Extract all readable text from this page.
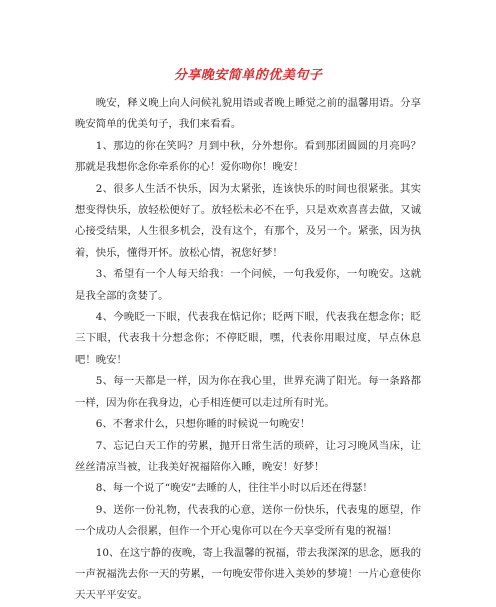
分享晚安简单的优美句子

晚安，释义晚上向人问候礼貌用语或者晚上睡觉之前的温馨用语。分享晚安简单的优美句子，我们来看看。

1、那边的你在笑吗？月到中秋，分外想你。看到那团圆圆的月亮吗？那就是我想你念你牵系你的心！爱你吻你！晚安！

2、很多人生活不快乐，因为太紧张，连该快乐的时间也很紧张。其实想变得快乐，放轻松便好了。放轻松未必不在乎，只是欢欢喜喜去做，又诚心接受结果，人生很多机会，没有这个，有那个，及另一个。紧张，因为执着，快乐，懂得开怀。放松心情，祝您好梦！

3、希望有一个人每天给我：一个问候，一句我爱你，一句晚安。这就是我全部的贪婪了。

4、今晚眨一下眼，代表我在惦记你；眨两下眼，代表我在想念你；眨三下眼，代表我十分想念你；不停眨眼，嘿，代表你用眼过度，早点休息吧！晚安！

5、每一天都是一样，因为你在我心里，世界充满了阳光。每一条路都一样，因为你在我身边，心手相连便可以走过所有时光。

6、不奢求什么，只想你睡的时候说一句晚安！

7、忘记白天工作的劳累，抛开日常生活的琐碎，让习习晚风当床，让丝丝清凉当被，让我美好祝福陪你入睡，晚安！好梦！

8、每一个说了“晚安”去睡的人，往往半小时以后还在得瑟！

9、送你一份礼物，代表我的心意，送你一份快乐，代表鬼的愿望，作一个成功人会很累，但作一个开心鬼你可以在今天享受所有鬼的祝福！

10、在这宁静的夜晚，寄上我温馨的祝福，带去我深深的思念，愿我的一声祝福洗去你一天的劳累，一句晚安带你进入美妙的梦境！一片心意使你天天平平安安。
